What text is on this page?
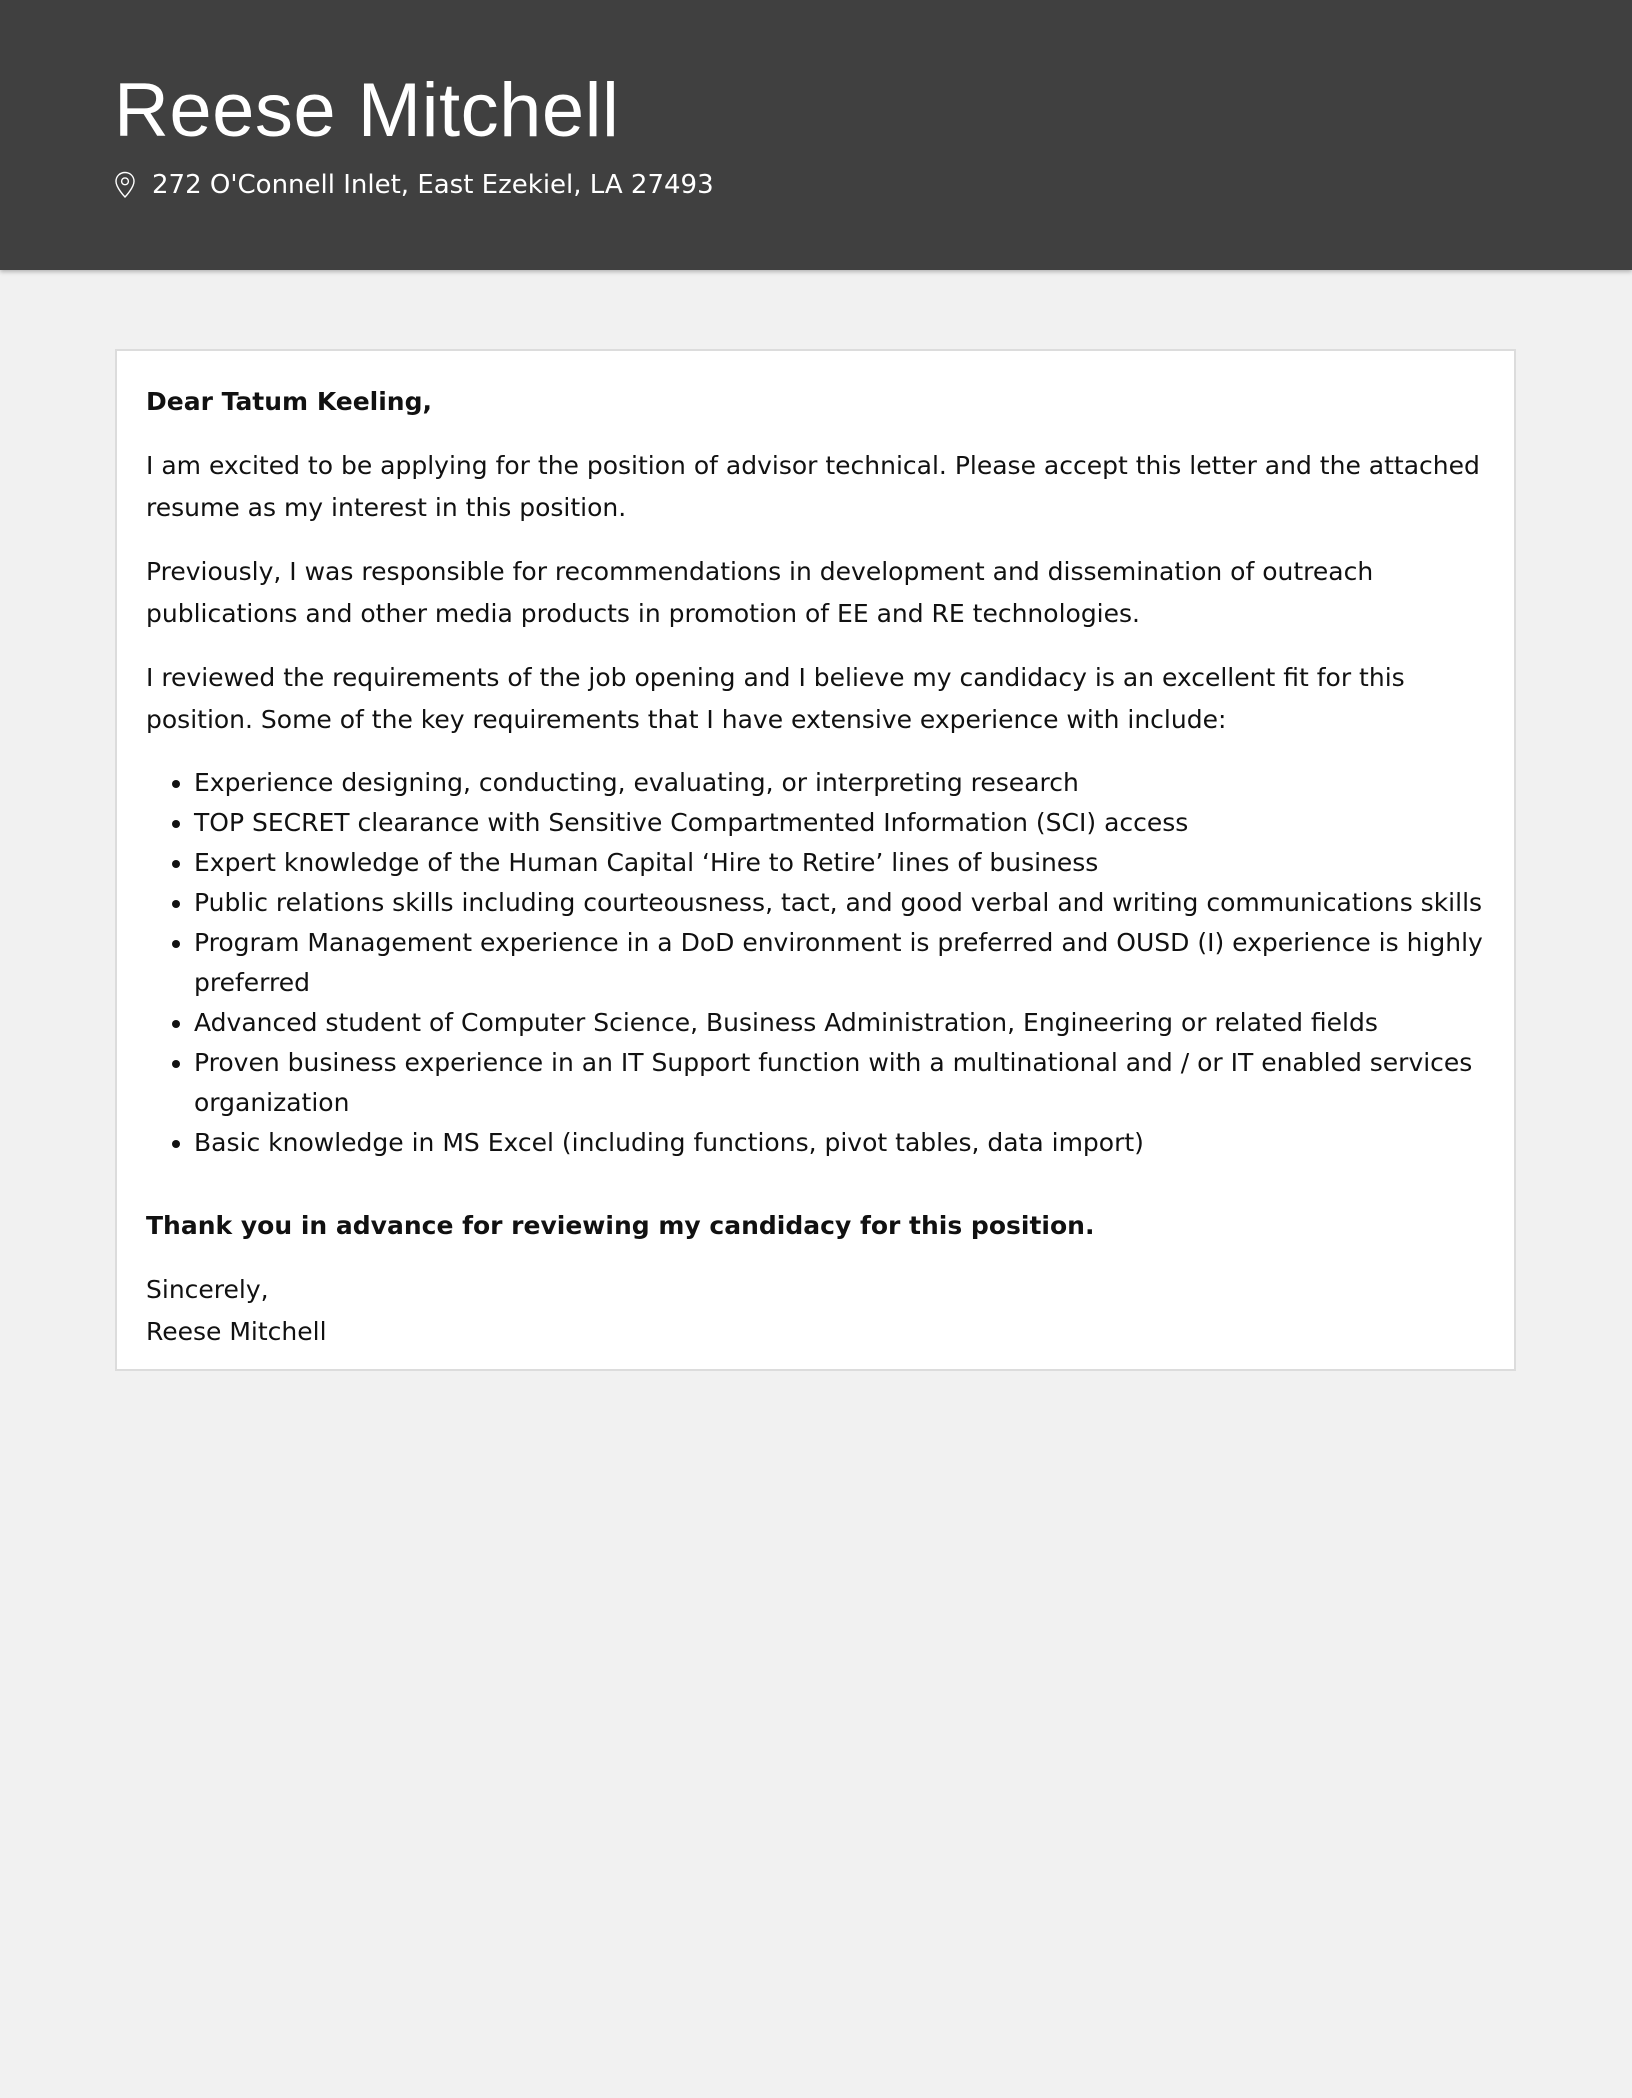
Reese Mitchell
272 O'Connell Inlet, East Ezekiel, LA 27493

Dear Tatum Keeling,

I am excited to be applying for the position of advisor technical. Please accept this letter and the attached resume as my interest in this position.

Previously, I was responsible for recommendations in development and dissemination of outreach publications and other media products in promotion of EE and RE technologies.

I reviewed the requirements of the job opening and I believe my candidacy is an excellent fit for this position. Some of the key requirements that I have extensive experience with include:

• Experience designing, conducting, evaluating, or interpreting research
• TOP SECRET clearance with Sensitive Compartmented Information (SCI) access
• Expert knowledge of the Human Capital ‘Hire to Retire’ lines of business
• Public relations skills including courteousness, tact, and good verbal and writing communications skills
• Program Management experience in a DoD environment is preferred and OUSD (I) experience is highly preferred
• Advanced student of Computer Science, Business Administration, Engineering or related fields
• Proven business experience in an IT Support function with a multinational and / or IT enabled services organization
• Basic knowledge in MS Excel (including functions, pivot tables, data import)

Thank you in advance for reviewing my candidacy for this position.

Sincerely,
Reese Mitchell
